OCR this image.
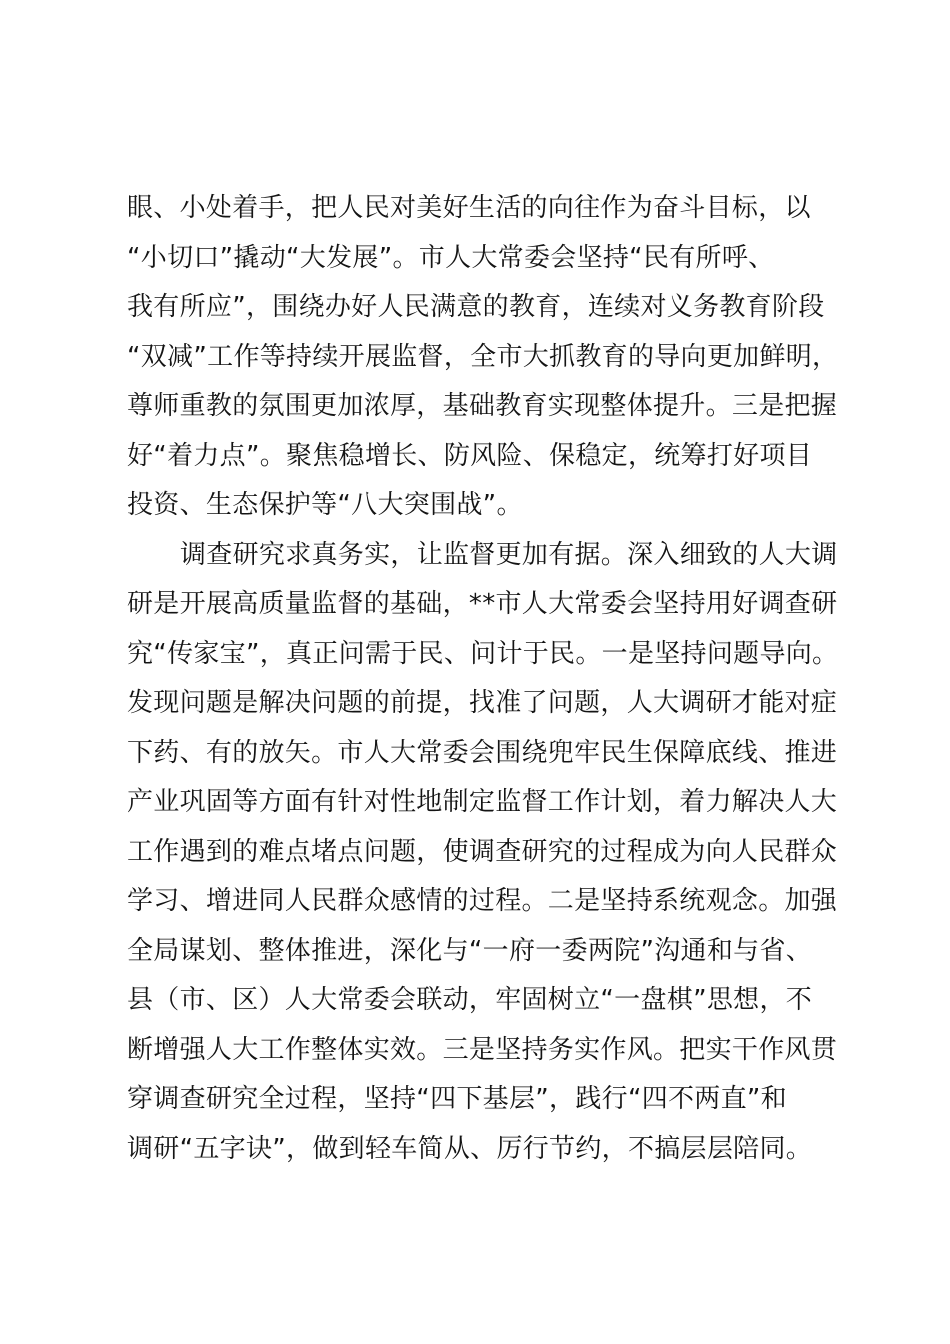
眼、小处着手，把人民对美好生活的向往作为奋斗目标，以
“小切口”撬动“大发展”。市人大常委会坚持“民有所呼、
我有所应”，围绕办好人民满意的教育，连续对义务教育阶段
“双减”工作等持续开展监督，全市大抓教育的导向更加鲜明，
尊师重教的氛围更加浓厚，基础教育实现整体提升。三是把握
好“着力点”。聚焦稳增长、防风险、保稳定，统筹打好项目
投资、生态保护等“八大突围战”。
调查研究求真务实，让监督更加有据。深入细致的人大调
研是开展高质量监督的基础，**市人大常委会坚持用好调查研
究“传家宝”，真正问需于民、问计于民。一是坚持问题导向。
发现问题是解决问题的前提，找准了问题，人大调研才能对症
下药、有的放矢。市人大常委会围绕兜牢民生保障底线、推进
产业巩固等方面有针对性地制定监督工作计划，着力解决人大
工作遇到的难点堵点问题，使调查研究的过程成为向人民群众
学习、增进同人民群众感情的过程。二是坚持系统观念。加强
全局谋划、整体推进，深化与“一府一委两院”沟通和与省、
县（市、区）人大常委会联动，牢固树立“一盘棋”思想，不
断增强人大工作整体实效。三是坚持务实作风。把实干作风贯
穿调查研究全过程，坚持“四下基层”，践行“四不两直”和
调研“五字诀”，做到轻车简从、厉行节约，不搞层层陪同。
